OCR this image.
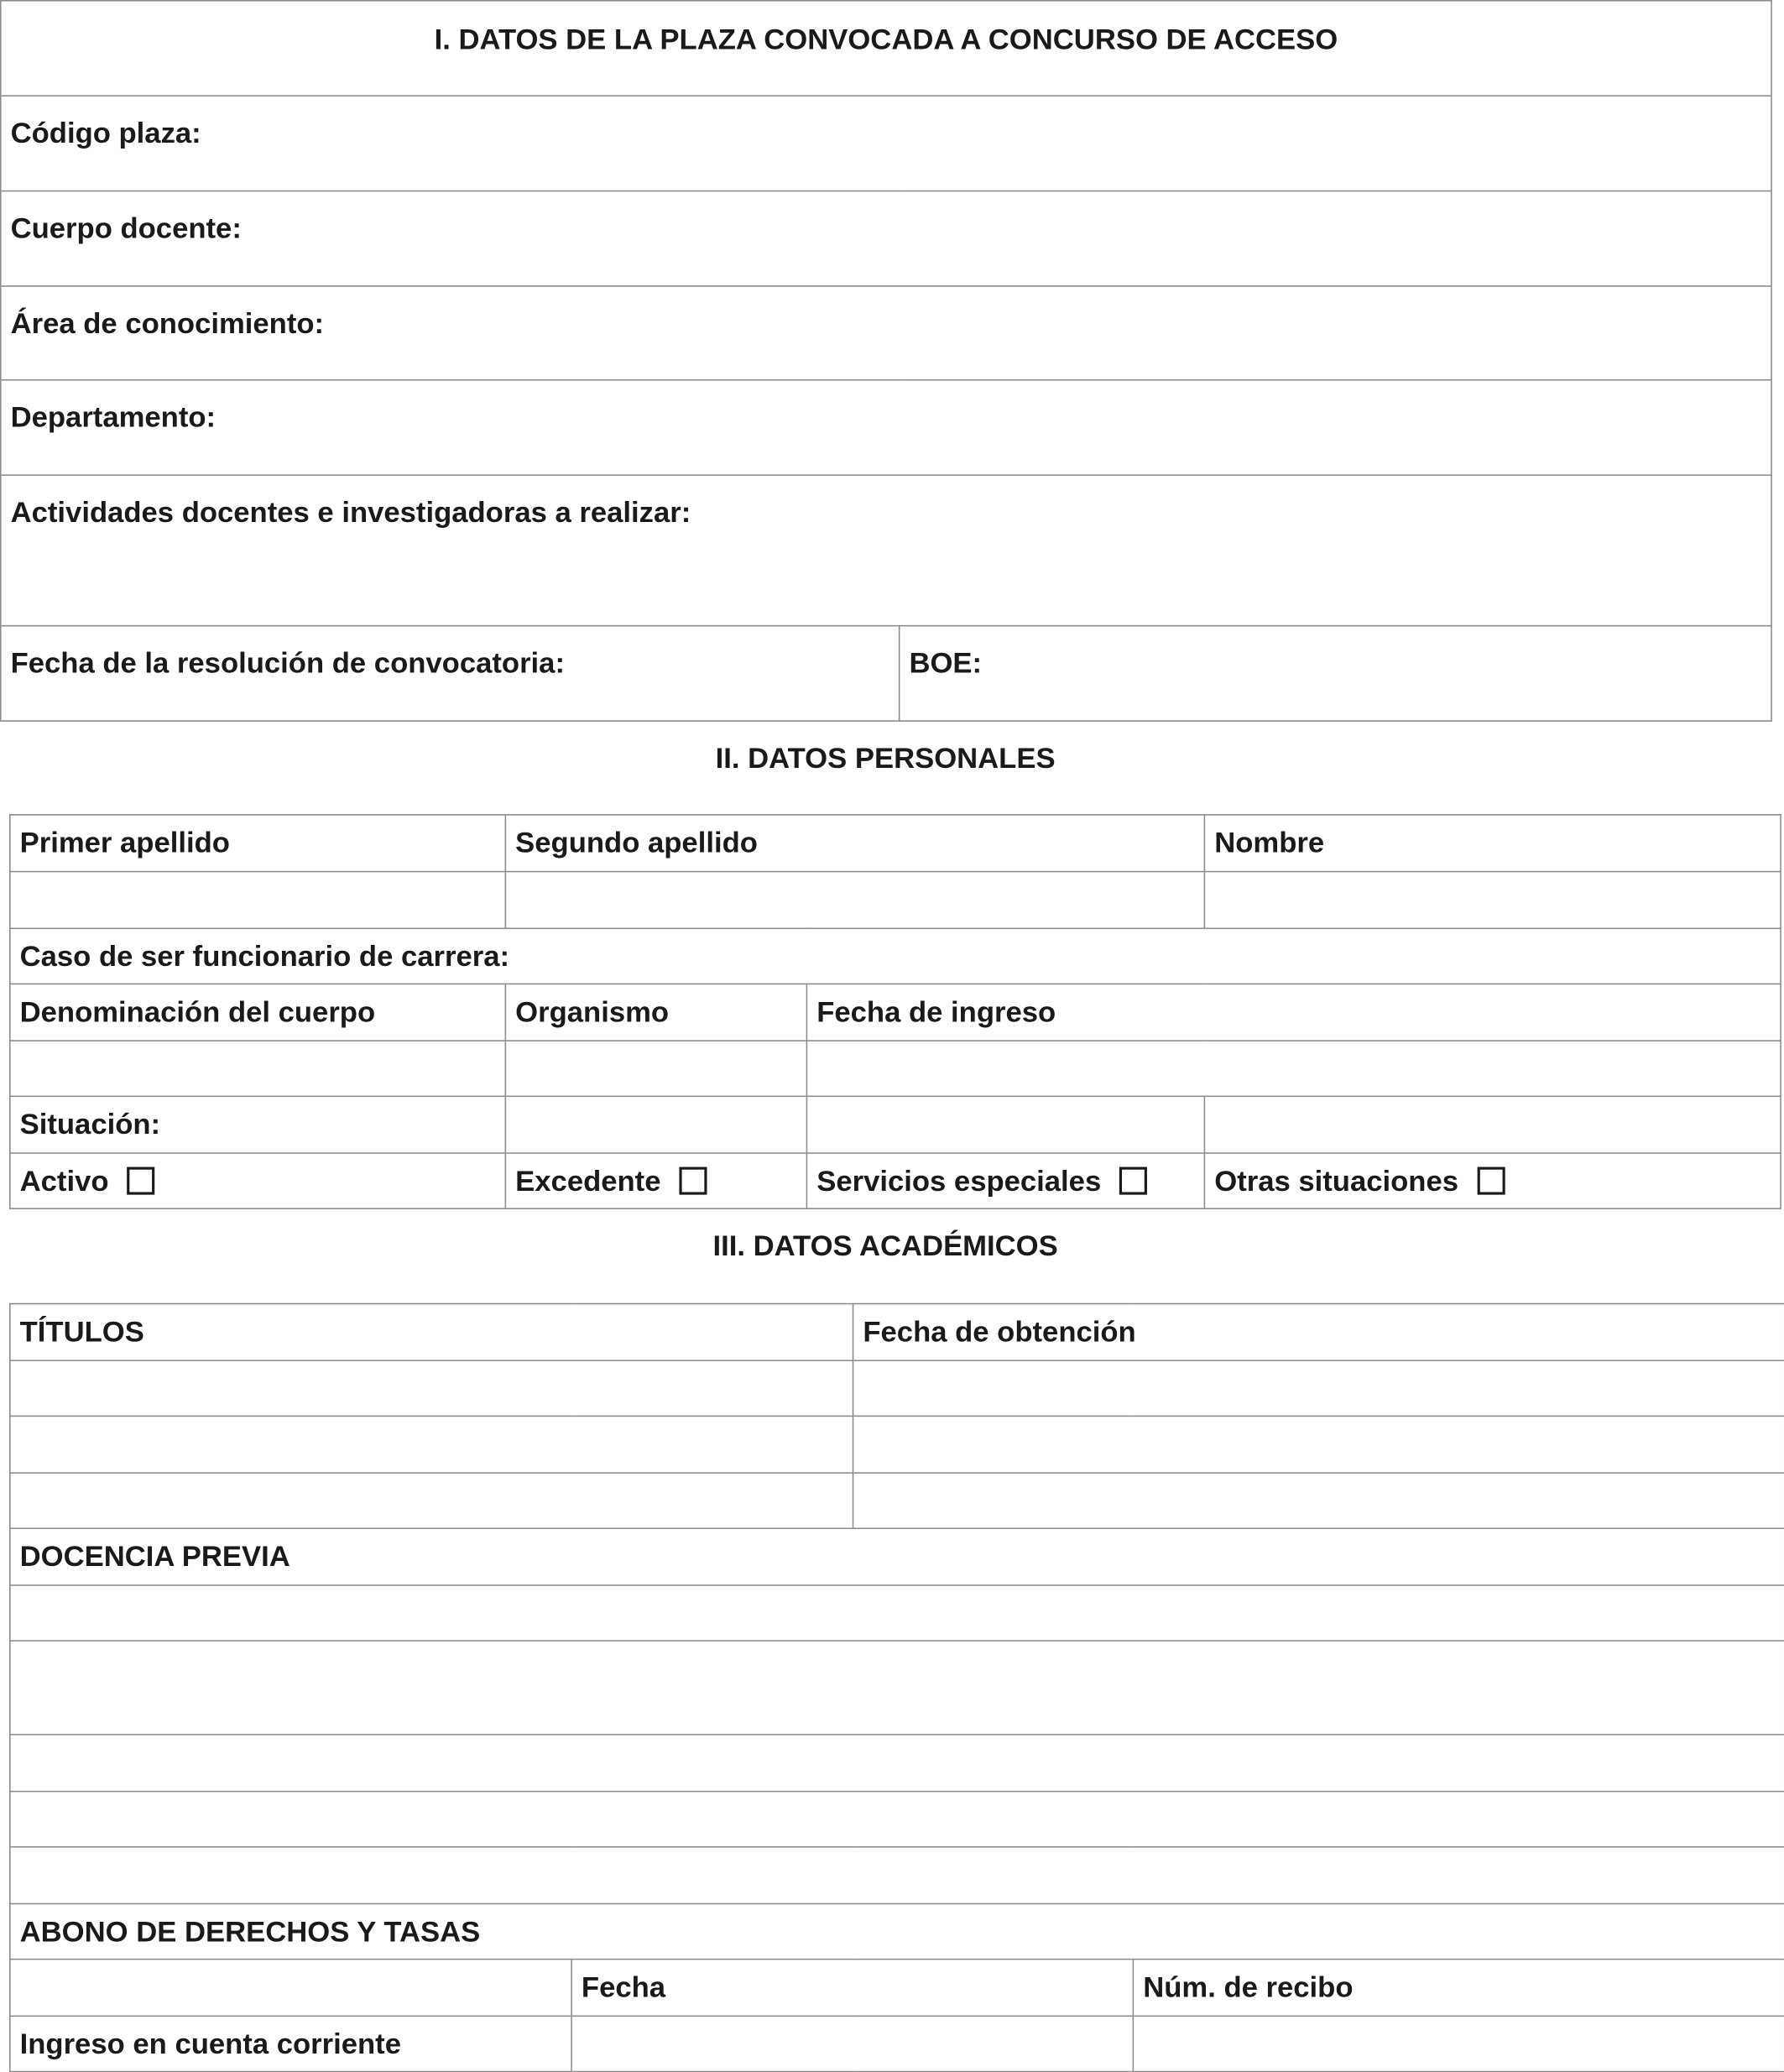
I. DATOS DE LA PLAZA CONVOCADA A CONCURSO DE ACCESO
Código plaza:
Cuerpo docente:
Área de conocimiento:
Departamento:
Actividades docentes e investigadoras a realizar:
Fecha de la resolución de convocatoria:	BOE:
II. DATOS PERSONALES
Primer apellido	Segundo apellido		Nombre

Caso de ser funcionario de carrera:			
Denominación del cuerpo	Organismo	Fecha de ingreso	

Situación:			
Activo	Excedente	Servicios especiales	Otras situaciones
III. DATOS ACADÉMICOS
TÍTULOS		Fecha de obtención	

DOCENCIA PREVIA			

ABONO DE DERECHOS Y TASAS			
	Fecha		Núm. de recibo
Ingreso en cuenta corriente			
